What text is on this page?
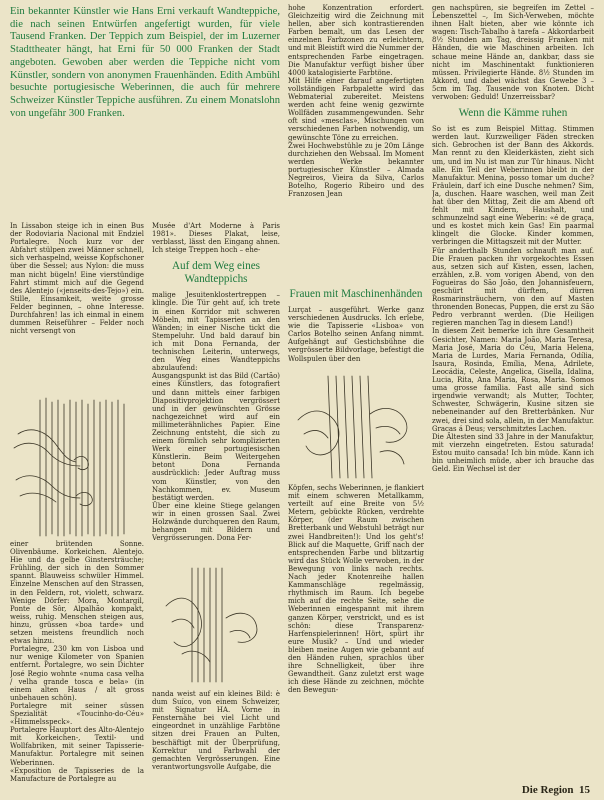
Ein bekannter Künstler wie Hans Erni verkauft Wandteppiche, die nach seinen Entwürfen angefertigt wurden, für viele Tausend Franken. Der Teppich zum Beispiel, der im Luzerner Stadttheater hängt, hat Erni für 50 000 Franken der Stadt angeboten. Gewoben aber werden die Teppiche nicht vom Künstler, sondern von anonymen Frauenhänden. Edith Ambühl besuchte portugiesische Weberinnen, die auch für mehrere Schweizer Künstler Teppiche ausführen. Zu einem Monatslohn von ungefähr 300 Franken.

In Lissabon steige ich in einen Bus der Rodoviaria Nacional mit Endziel Portalegre. Noch kurz vor der Abfahrt stülpen zwei Männer schnell, sich verhaspelnd, weisse Kopfschoner über die Sessel; aus Nylon: die muss man nicht bügeln! Eine vierstündige Fahrt stimmt mich auf die Gegend des Alentejo («jenseits-des-Tejo») ein. Stille, Einsamkeit, weite grosse Felder beginnen, – ohne Interesse. Durchfahren! las ich einmal in einem dummen Reiseführer – Felder noch nicht versengt von

einer brütenden Sonne. Olivenbäume. Korkeichen. Alentejo. Hie und da gelbe Ginstersträuche; Frühling, der sich in den Sommer spannt. Blauweiss schwüler Himmel. Einzelne Menschen auf den Strassen, in den Feldern, rot, violett, schwarz. Wenige Dörfer: Mora, Montargil, Ponte de Sôr, Alpalhão kompakt, weiss, ruhig. Menschen steigen aus, hinzu, grüssen «boa tarde» und setzen meistens freundlich noch etwas hinzu.

Portalegre, 230 km von Lisboa und nur wenige Kilometer von Spanien entfernt. Portalegre, wo sein Dichter José Regio wohnte «numa casa velha / velha grande tosca e bela» (in einem alten Haus / alt gross unbehauen schön).

Portalegre mit seiner süssen Spezialität «Toucinho-do-Céu» «Himmelsspeck».

Portalegre Hauptort des Alto-Alentejo mit Korkeichen-, Textil- und Wollfabriken, mit seiner Tapisserie-Manufaktur. Portalegre mit seinen Weberinnen.

«Exposition de Tapisseries de la Manufacture de Portalegre au

Musée d'Art Moderne à Paris 1981». Dieses Plakat, leise, verblasst, lässt den Eingang ahnen. Ich steige Treppen hoch – ehe-

Auf dem Weg eines Wandteppichs

malige Jesuitenklostertreppen – klingle. Die Tür geht auf, ich trete in einen Korridor mit schweren Möbeln, mit Tapisserien an den Wänden; in einer Nische tickt die Stempeluhr. Und bald darauf bin ich mit Dona Fernanda, der technischen Leiterin, unterwegs, den Weg eines Wandteppichs abzulaufend:

Ausgangspunkt ist das Bild (Cartão) eines Künstlers, das fotografiert und dann mittels einer farbigen Diapositivprojektion vergrössert und in der gewünschten Grösse nachgezeichnet wird auf ein millimeterähnliches Papier. Eine Zeichnung entsteht, die sich zu einem förmlich sehr komplizierten Werk einer portugiesischen Künstlerin. Beim Weitergehen betont Dona Fernanda ausdrücklich: Jeder Auftrag muss vom Künstler, von den Nachkommen, ev. Museum bestätigt werden.

Über eine kleine Stiege gelangen wir in einen grossen Saal. Zwei Holzwände durchqueren den Raum, behangen mit Bildern und Vergrösserungen. Dona Fer-

nanda weist auf ein kleines Bild: è dum Suíco, von einem Schweizer, mit Signatur HA. Vorne in Fensternähe bei viel Licht und eingeordnet in unzählige Farbtöne sitzen drei Frauen an Pulten, beschäftigt mit der Überprüfung, Korrektur und Farbwahl der gemachten Vergrösserungen. Eine verantwortungsvolle Aufgabe, die

hohe Konzentration erfordert. Gleichzeitig wird die Zeichnung mit hellen, aber sich kontrastierenden Farben bemalt, um das Lesen der einzelnen Farbzonen zu erleichtern, und mit Bleistift wird die Nummer der entsprechenden Farbe eingetragen. Die Manufaktur verfügt bisher über 4000 katalogisierte Farbtöne.

Mit Hilfe einer darauf angefertigten vollständigen Farbpalette wird das Webmaterial zubereitet. Meistens werden acht feine wenig gezwirnte Wollfäden zusammengewunden. Sehr oft sind «mesclas», Mischungen von verschiedenen Farben notwendig, um gewünschte Töne zu erreichen.

Zwei Hochwebstühle zu je 20m Länge durchziehen den Websaal. Im Moment werden Werke bekannter portugiesischer Künstler – Almada Negreiros, Vieira da Silva, Carlos Botelho, Rogerio Ribeiro und des Franzosen Jean

Frauen mit Maschinenhänden

Lurçat – ausgeführt. Werke ganz verschiedenen Ausdrucks. Ich erlebe, wie die Tapisserie «Lisboa» von Carlos Botelho seinen Anfang nimmt. Aufgehängt auf Gestichsbühne die vergrösserte Bildvorlage, befestigt die Wollspulen über den

Köpfen, sechs Weberinnen, je flankiert mit einem schweren Metallkamm, verteilt auf eine Breite von 5½ Metern, gebückte Rücken, verdrehte Körper, (der Raum zwischen Bretterbank und Webstuhl beträgt nur zwei Handbreiten!): Und los geht's! Blick auf die Maquette, Griff nach der entsprechenden Farbe und blitzartig wird das Stück Wolle verwoben, in der Bewegung von links nach rechts. Nach jeder Knotenreihe hallen Kammanschläge regelmässig, rhythmisch im Raum. Ich begebe mich auf die rechte Seite, sehe die Weberinnen eingespannt mit ihrem ganzen Körper, verstrickt, und es ist schön: diese Transparenz-Harfenspielerinnen! Hört, spürt ihr eure Musik? – Und und wieder bleiben meine Augen wie gebannt auf den Händen ruhen, sprachlos über ihre Schnelligkeit, über ihre Gewandtheit. Ganz zuletzt erst wage ich diese Hände zu zeichnen, möchte den Bewegun-

gen nachspüren, sie begreifen im Zettel – Lebenszettel –, Im Sich-Verweben, möchte ihnen Halt bieten, aber wie könnte ich wagen: Tisch-Tabalho à tarefa – Akkordarbeit 8½ Stunden am Tag, dreissig Franken mit Händen, die wie Maschinen arbeiten. Ich schaue meine Hände an, dankbar, dass sie nicht im Maschinentakt funktionieren müssen. Privilegierte Hände. 8½ Stunden im Akkord, und dabei wächst das Gewebe 3 – 5cm im Tag. Tausende von Knoten. Dicht verwoben: Geduld! Unzerreissbar?

Wenn die Kämme ruhen

So ist es zum Beispiel Mittag. Stimmen werden laut. Kurzweiliger Fäden strecken sich. Gebrochen ist der Bann des Akkords. Man rennt zu den Kleiderkästen, zieht sich um, und im Nu ist man zur Tür hinaus. Nicht alle. Ein Teil der Weberinnen bleibt in der Manufaktur. Menina, posso tomar um duche? Fräulein, darf ich eine Dusche nehmen? Sim, Ja, duschen. Haare waschen, weil man Zeit hat über den Mittag, Zeit die am Abend oft fehlt mit Kindern, Haushalt, und schmunzelnd sagt eine Weberin: «é de graça, und es kostet mich kein Gas! Ein paarmal klingelt die Glocke. Kinder kommen, verbringen die Mittagszeit mit der Mutter.

Für anderthalb Stunden schnauft man auf. Die Frauen packen ihr vorgekochtes Essen aus, setzen sich auf Kisten, essen, lachen, erzählen, z.B. vom vorigen Abend, von den Fogueiras do São João, den Johannisfeuern, geschürt mit dürftem, dürren Rosmarinsträuchern, von den auf Masten thronenden Bonecas, Puppen, die erst zu São Pedro verbrannt werden. (Die Heiligen regieren manchen Tag in diesem Land!)

In diesem Zeit bemerke ich ihre Gesamtheit Gesichter, Namen: Maria João, Maria Teresa, Maria José, Maria do Céu, Maria Helena, Maria de Lurdes, Maria Fernanda, Odília, Isaura, Rosinda, Emília, Mena, Adrilete, Leocádia, Celeste, Angelica, Gisella, Idalina, Lucia, Rita, Ana Maria, Rosa, Maria. Somos uma grosse família. Fast alle sind sich irgendwie verwandt; als Mutter, Tochter, Schwester, Schwägerin, Kusine sitzen sie nebeneinander auf den Bretterbänken. Nur zwei, drei sind sola, allein, in der Manufaktur. Gracas á Deus; verschmitztes Lachen.

Die Ältesten sind 33 Jahre in der Manufaktur, mit vierzehn eingetreten. Estou saturada! Estou muito cansada! Ich bin müde. Kann ich bin unheimlich müde, aber ich brauche das Geld. Ein Wechsel ist der

Die Region 15
